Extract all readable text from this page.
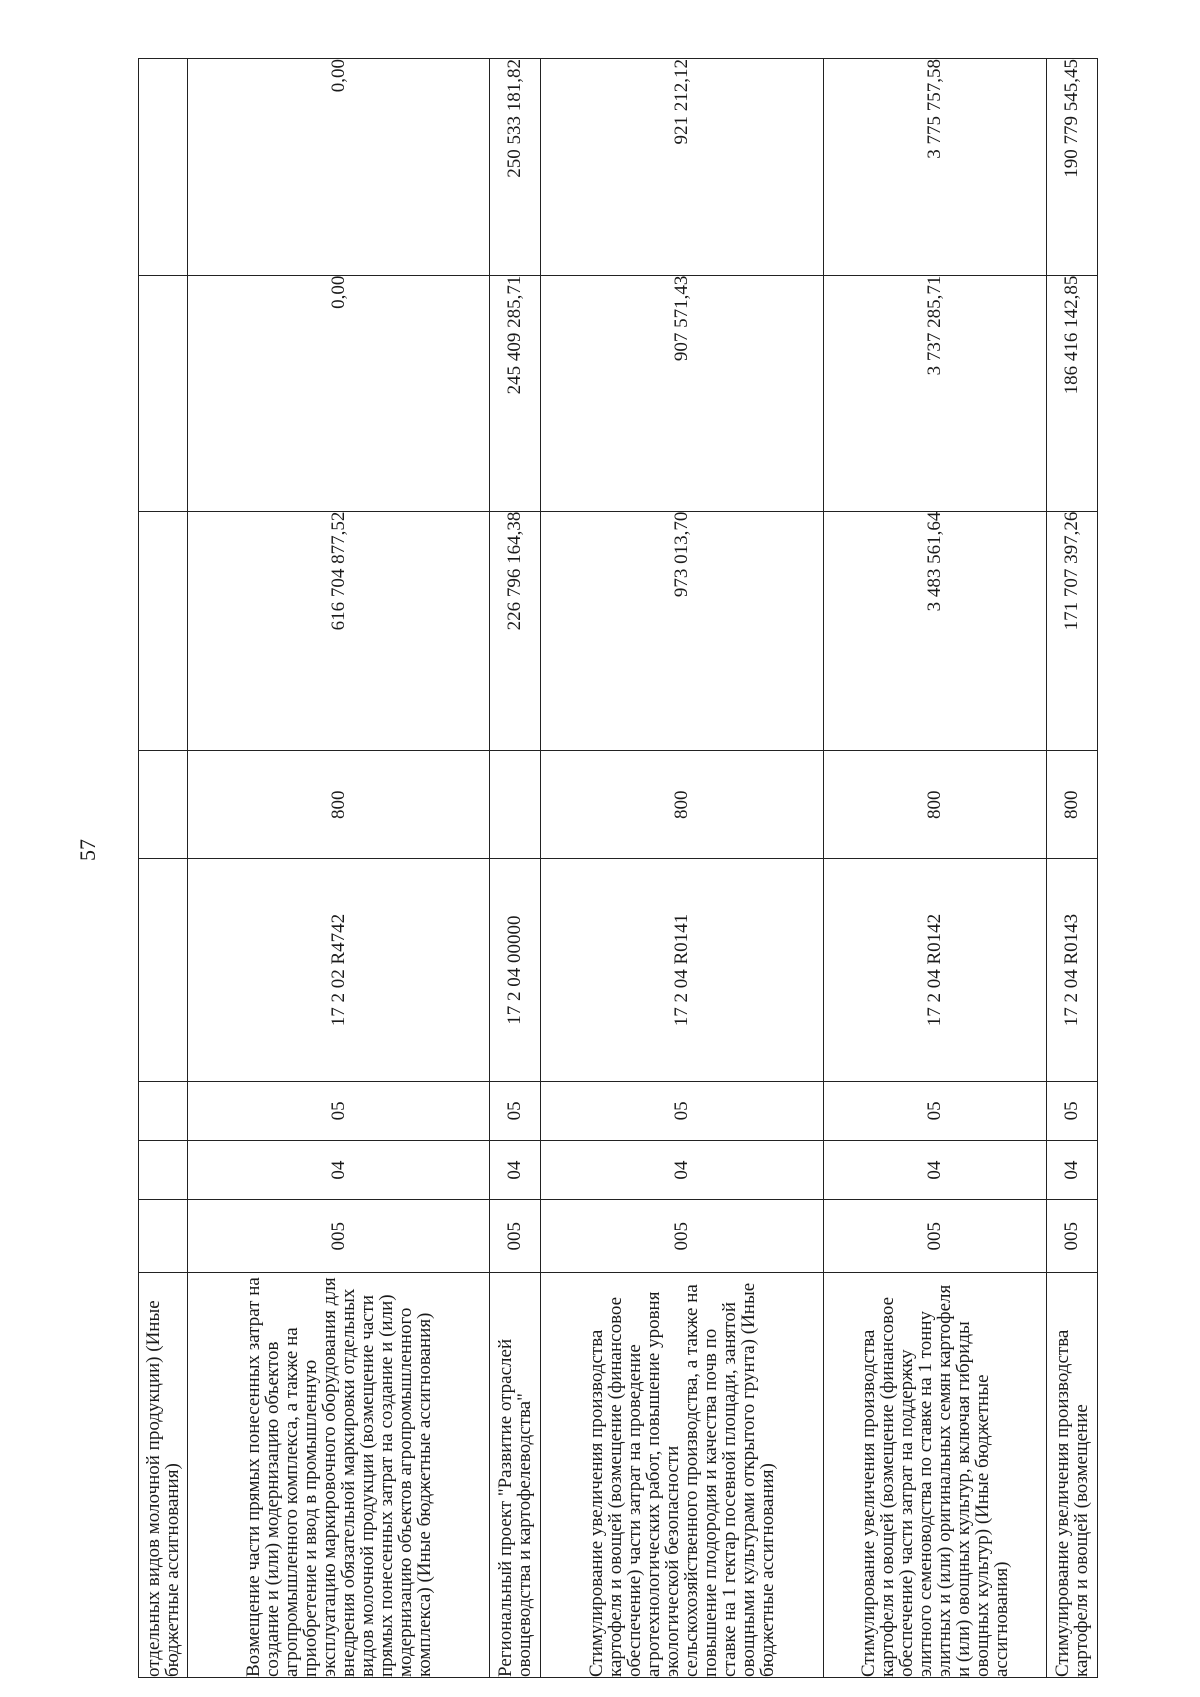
57
отдельных видов молочной продукции) (Иные бюджетные ассигнования)								
Возмещение части прямых понесенных затрат на создание и (или) модернизацию объектов агропромышленного комплекса, а также на приобретение и ввод в промышленную эксплуатацию маркировочного оборудования для внедрения обязательной маркировки отдельных видов молочной продукции (возмещение части прямых понесенных затрат на создание и (или) модернизацию объектов агропромышленного комплекса) (Иные бюджетные ассигнования)	005	04	05	17 2 02 R4742	800	616 704 877,52	0,00	0,00
Региональный проект "Развитие отраслей овощеводства и картофелеводства"	005	04	05	17 2 04 00000		226 796 164,38	245 409 285,71	250 533 181,82
Стимулирование увеличения производства картофеля и овощей (возмещение (финансовое обеспечение) части затрат на проведение агротехнологических работ, повышение уровня экологической безопасности сельскохозяйственного производства, а также на повышение плодородия и качества почв по ставке на 1 гектар посевной площади, занятой овощными культурами открытого грунта) (Иные бюджетные ассигнования)	005	04	05	17 2 04 R0141	800	973 013,70	907 571,43	921 212,12
Стимулирование увеличения производства картофеля и овощей (возмещение (финансовое обеспечение) части затрат на поддержку элитного семеноводства по ставке на 1 тонну элитных и (или) оригинальных семян картофеля и (или) овощных культур, включая гибриды овощных культур) (Иные бюджетные ассигнования)	005	04	05	17 2 04 R0142	800	3 483 561,64	3 737 285,71	3 775 757,58
Стимулирование увеличения производства картофеля и овощей (возмещение	005	04	05	17 2 04 R0143	800	171 707 397,26	186 416 142,85	190 779 545,45
